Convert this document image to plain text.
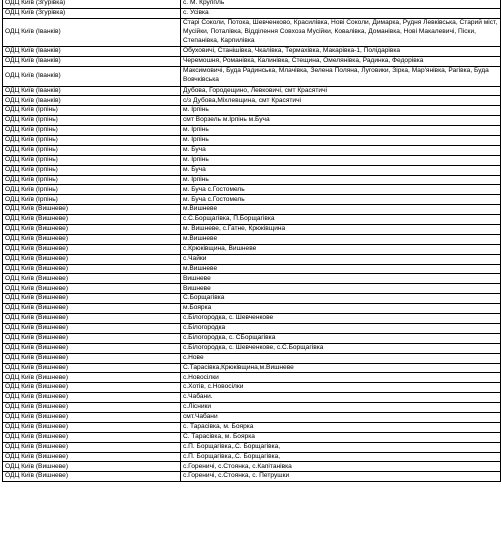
ОДЦ Київ (Згурівка)	с. М. Круппль
ОДЦ Київ (Згурівка)	с. Усівка
ОДЦ Київ (Іванків)	Старі Соколи, Потока, Шевченково, Красилівка, Нові Соколи, Димарка, Рудня Левківська, Старий міст, Мусійки, Поталівка, Відділення Совхоза Мусійки, Ковалівка, Доманівка, Нові Макалевичі, Піски, Степанівка, Карпилівка
ОДЦ Київ (Іванків)	Обуховичі, Станішівка, Чкалівка, Термахівка, Макарівка-1, Полідарівка
ОДЦ Київ (Іванків)	Черемошня, Романівка, Калинівка, Стещина, Омелянівка, Радинка, Федорівка
ОДЦ Київ (Іванків)	Максимовичі, Буда Радинська, Млачівка, Зелена Поляна, Луговики, Зірка, Мар'янівка, Рагівка, Буда Вовчківська
ОДЦ Київ (Іванків)	Дубова, Городещино, Левковичі, смт Красятичі
ОДЦ Київ (Іванків)	с/з Дубова,Міхлевщина, смт Красятичі
ОДЦ Київ (Ірпінь)	м. Ірпінь
ОДЦ Київ (Ірпінь)	смт Ворзель м.Ірпінь м.Буча
ОДЦ Київ (Ірпінь)	м. Ірпінь
ОДЦ Київ (Ірпінь)	м. Ірпінь
ОДЦ Київ (Ірпінь)	м. Буча
ОДЦ Київ (Ірпінь)	м. Ірпінь
ОДЦ Київ (Ірпінь)	м. Буча
ОДЦ Київ (Ірпінь)	м. Ірпінь
ОДЦ Київ (Ірпінь)	м. Буча с.Гостомель
ОДЦ Київ (Ірпінь)	м. Буча с.Гостомель
ОДЦ Київ (Вишневе)	м.Вишневе
ОДЦ Київ (Вишневе)	с.С.Борщагівка, П.Борщагівка
ОДЦ Київ (Вишневе)	м. Вишневе, с.Гатне, Крюківщина
ОДЦ Київ (Вишневе)	м.Вишневе
ОДЦ Київ (Вишневе)	с.Крюківщина, Вишневе
ОДЦ Київ (Вишневе)	с.Чайки
ОДЦ Київ (Вишневе)	м.Вишневе
ОДЦ Київ (Вишневе)	Вишневе
ОДЦ Київ (Вишневе)	Вишневе
ОДЦ Київ (Вишневе)	С.Борщагівка
ОДЦ Київ (Вишневе)	м.Боярка
ОДЦ Київ (Вишневе)	с.Білогородка, с. Шевченкове
ОДЦ Київ (Вишневе)	с.Білогородка
ОДЦ Київ (Вишневе)	с.Білогородка, с. СБорщагівка
ОДЦ Київ (Вишневе)	с.Білогородка, с. Шевченкове, с.С.Борщагівка
ОДЦ Київ (Вишневе)	с.Нове
ОДЦ Київ (Вишневе)	С.Тарасівка,Крюківщина,м.Вишневе
ОДЦ Київ (Вишневе)	с.Новосілки
ОДЦ Київ (Вишневе)	с.Хотів, с.Новосілки
ОДЦ Київ (Вишневе)	с.Чабани.
ОДЦ Київ (Вишневе)	с.Лісники
ОДЦ Київ (Вишневе)	смт.Чабани
ОДЦ Київ (Вишневе)	с. Тарасівка, м. Боярка
ОДЦ Київ (Вишневе)	С. Тарасівка, м. Боярка
ОДЦ Київ (Вишневе)	с.П. Борщагівка,.С. Борщагівка,
ОДЦ Київ (Вишневе)	с.П. Борщагівка,.С. Борщагівка,
ОДЦ Київ (Вишневе)	с.Гореничі, с.Стоянка, с.Капітанівка
ОДЦ Київ (Вишневе)	с.Гореничі, с.Стоянка, с. Петрушки
